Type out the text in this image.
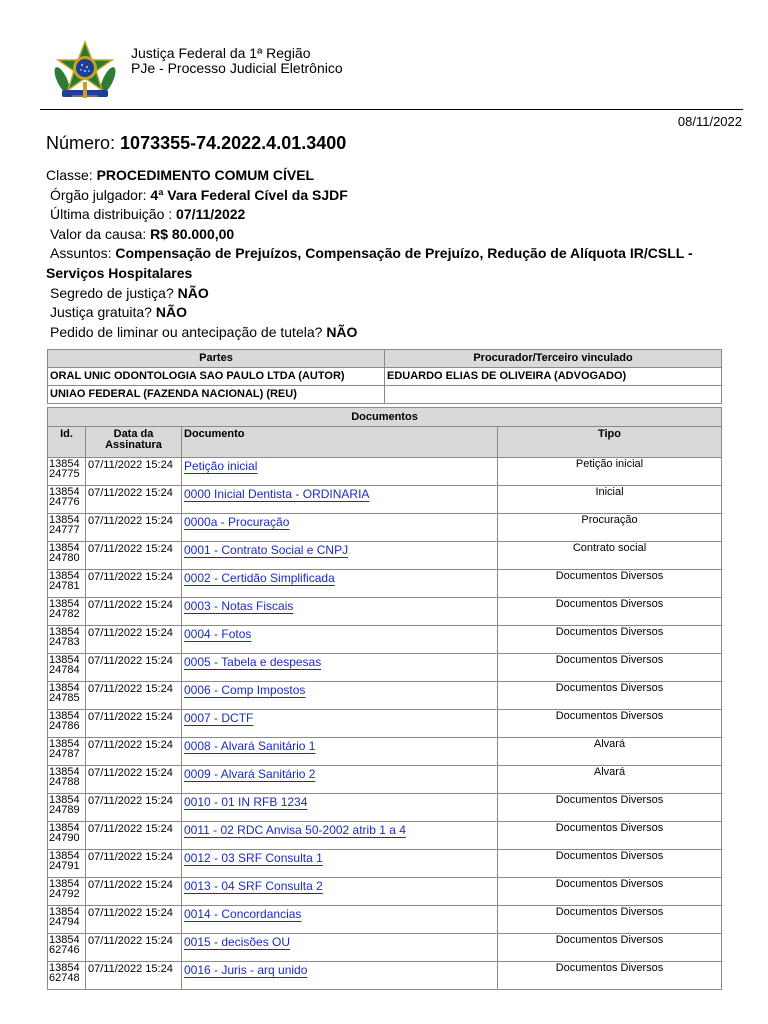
Justiça Federal da 1ª Região
PJe - Processo Judicial Eletrônico
08/11/2022
Número: 1073355-74.2022.4.01.3400
Classe: PROCEDIMENTO COMUM CÍVEL
Órgão julgador: 4ª Vara Federal Cível da SJDF
Última distribuição : 07/11/2022
Valor da causa: R$ 80.000,00
Assuntos: Compensação de Prejuízos, Compensação de Prejuízo, Redução de Alíquota IR/CSLL - Serviços Hospitalares
Segredo de justiça? NÃO
Justiça gratuita? NÃO
Pedido de liminar ou antecipação de tutela? NÃO
Partes	Procurador/Terceiro vinculado
ORAL UNIC ODONTOLOGIA SAO PAULO LTDA (AUTOR)	EDUARDO ELIAS DE OLIVEIRA (ADVOGADO)
UNIAO FEDERAL (FAZENDA NACIONAL) (REU)	
Documentos			
Id.	Data da Assinatura	Documento	Tipo
13854
24775	07/11/2022 15:24	Petição inicial	Petição inicial
13854
24776	07/11/2022 15:24	0000 Inicial Dentista - ORDINARIA	Inicial
13854
24777	07/11/2022 15:24	0000a - Procuração	Procuração
13854
24780	07/11/2022 15:24	0001 - Contrato Social e CNPJ	Contrato social
13854
24781	07/11/2022 15:24	0002 - Certidão Simplificada	Documentos Diversos
13854
24782	07/11/2022 15:24	0003 - Notas Fiscais	Documentos Diversos
13854
24783	07/11/2022 15:24	0004 - Fotos	Documentos Diversos
13854
24784	07/11/2022 15:24	0005 - Tabela e despesas	Documentos Diversos
13854
24785	07/11/2022 15:24	0006 - Comp Impostos	Documentos Diversos
13854
24786	07/11/2022 15:24	0007 - DCTF	Documentos Diversos
13854
24787	07/11/2022 15:24	0008 - Alvará Sanitário 1	Alvará
13854
24788	07/11/2022 15:24	0009 - Alvará Sanitário 2	Alvará
13854
24789	07/11/2022 15:24	0010 - 01 IN RFB 1234	Documentos Diversos
13854
24790	07/11/2022 15:24	0011 - 02 RDC Anvisa 50-2002 atrib 1 a 4	Documentos Diversos
13854
24791	07/11/2022 15:24	0012 - 03 SRF Consulta 1	Documentos Diversos
13854
24792	07/11/2022 15:24	0013 - 04 SRF Consulta 2	Documentos Diversos
13854
24794	07/11/2022 15:24	0014 - Concordancias	Documentos Diversos
13854
62746	07/11/2022 15:24	0015 - decisões OU	Documentos Diversos
13854
62748	07/11/2022 15:24	0016 - Juris - arq unido	Documentos Diversos
